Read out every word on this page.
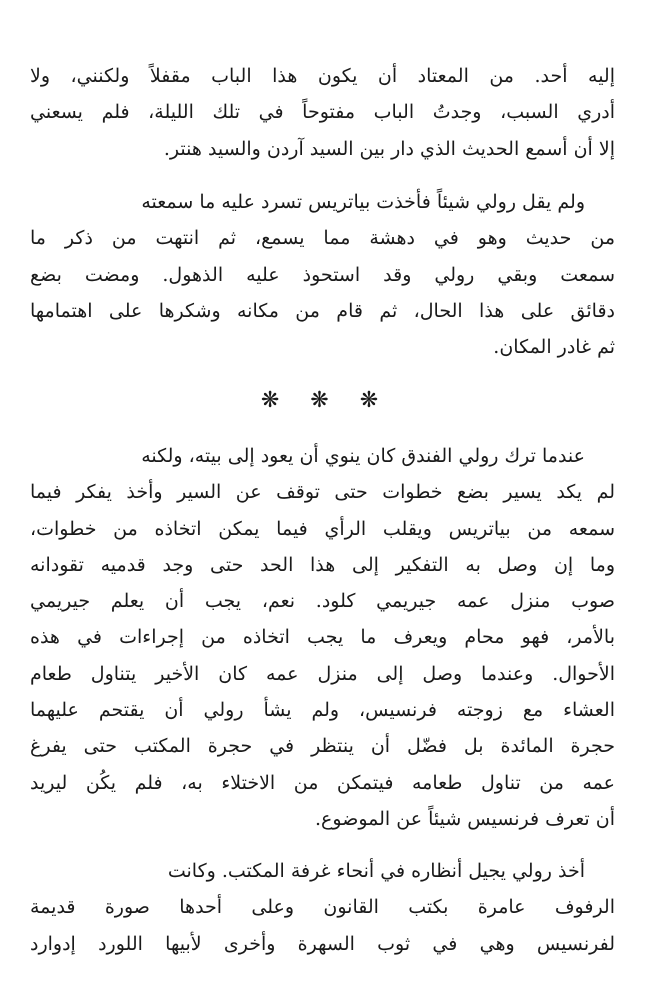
إليه أحد. من المعتاد أن يكون هذا الباب مقفلاً ولكنني، ولا
أدري السبب، وجدتُ الباب مفتوحاً في تلك الليلة، فلم يسعني
إلا أن أسمع الحديث الذي دار بين السيد آردن والسيد هنتر.
ولم يقل رولي شيئاً فأخذت بياتريس تسرد عليه ما سمعته
من حديث وهو في دهشة مما يسمع، ثم انتهت من ذكر ما
سمعت وبقي رولي وقد استحوذ عليه الذهول. ومضت بضع
دقائق على هذا الحال، ثم قام من مكانه وشكرها على اهتمامها
ثم غادر المكان.
❋ ❋ ❋
عندما ترك رولي الفندق كان ينوي أن يعود إلى بيته، ولكنه
لم يكد يسير بضع خطوات حتى توقف عن السير وأخذ يفكر فيما
سمعه من بياتريس ويقلب الرأي فيما يمكن اتخاذه من خطوات،
وما إن وصل به التفكير إلى هذا الحد حتى وجد قدميه تقودانه
صوب منزل عمه جيريمي كلود. نعم، يجب أن يعلم جيريمي
بالأمر، فهو محام ويعرف ما يجب اتخاذه من إجراءات في هذه
الأحوال. وعندما وصل إلى منزل عمه كان الأخير يتناول طعام
العشاء مع زوجته فرنسيس، ولم يشأ رولي أن يقتحم عليهما
حجرة المائدة بل فضّل أن ينتظر في حجرة المكتب حتى يفرغ
عمه من تناول طعامه فيتمكن من الاختلاء به، فلم يكُن ليريد
أن تعرف فرنسيس شيئاً عن الموضوع.
أخذ رولي يجيل أنظاره في أنحاء غرفة المكتب. وكانت
الرفوف عامرة بكتب القانون وعلى أحدها صورة قديمة
لفرنسيس وهي في ثوب السهرة وأخرى لأبيها اللورد إدوارد
